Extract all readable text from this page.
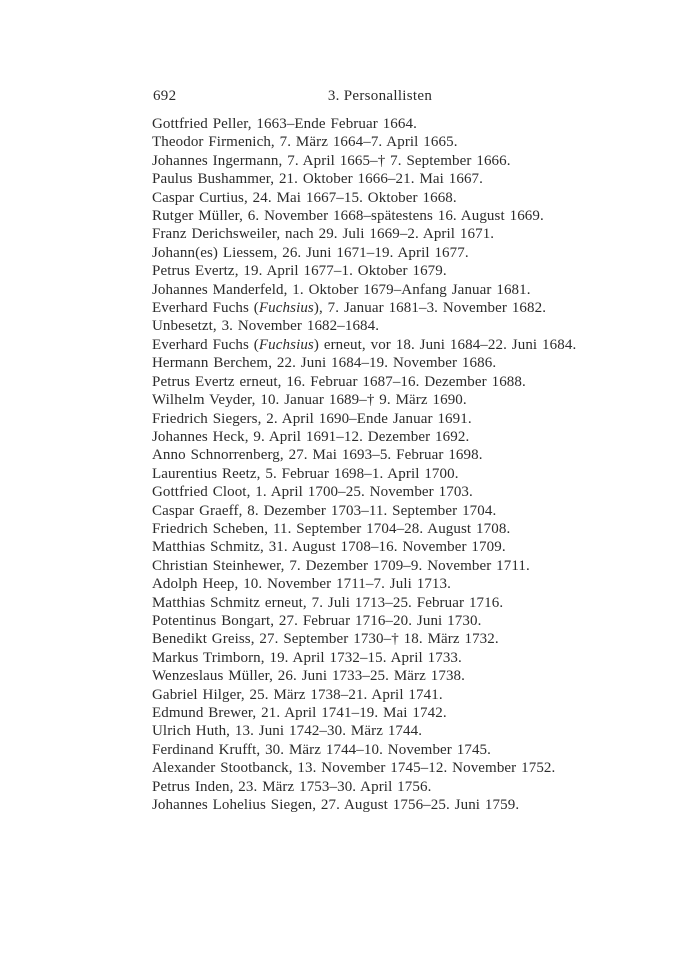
692	3. Personallisten
Gottfried Peller, 1663–Ende Februar 1664.
Theodor Firmenich, 7. März 1664–7. April 1665.
Johannes Ingermann, 7. April 1665–† 7. September 1666.
Paulus Bushammer, 21. Oktober 1666–21. Mai 1667.
Caspar Curtius, 24. Mai 1667–15. Oktober 1668.
Rutger Müller, 6. November 1668–spätestens 16. August 1669.
Franz Derichsweiler, nach 29. Juli 1669–2. April 1671.
Johann(es) Liessem, 26. Juni 1671–19. April 1677.
Petrus Evertz, 19. April 1677–1. Oktober 1679.
Johannes Manderfeld, 1. Oktober 1679–Anfang Januar 1681.
Everhard Fuchs (Fuchsius), 7. Januar 1681–3. November 1682.
Unbesetzt, 3. November 1682–1684.
Everhard Fuchs (Fuchsius) erneut, vor 18. Juni 1684–22. Juni 1684.
Hermann Berchem, 22. Juni 1684–19. November 1686.
Petrus Evertz erneut, 16. Februar 1687–16. Dezember 1688.
Wilhelm Veyder, 10. Januar 1689–† 9. März 1690.
Friedrich Siegers, 2. April 1690–Ende Januar 1691.
Johannes Heck, 9. April 1691–12. Dezember 1692.
Anno Schnorrenberg, 27. Mai 1693–5. Februar 1698.
Laurentius Reetz, 5. Februar 1698–1. April 1700.
Gottfried Cloot, 1. April 1700–25. November 1703.
Caspar Graeff, 8. Dezember 1703–11. September 1704.
Friedrich Scheben, 11. September 1704–28. August 1708.
Matthias Schmitz, 31. August 1708–16. November 1709.
Christian Steinhewer, 7. Dezember 1709–9. November 1711.
Adolph Heep, 10. November 1711–7. Juli 1713.
Matthias Schmitz erneut, 7. Juli 1713–25. Februar 1716.
Potentinus Bongart, 27. Februar 1716–20. Juni 1730.
Benedikt Greiss, 27. September 1730–† 18. März 1732.
Markus Trimborn, 19. April 1732–15. April 1733.
Wenzeslaus Müller, 26. Juni 1733–25. März 1738.
Gabriel Hilger, 25. März 1738–21. April 1741.
Edmund Brewer, 21. April 1741–19. Mai 1742.
Ulrich Huth, 13. Juni 1742–30. März 1744.
Ferdinand Krufft, 30. März 1744–10. November 1745.
Alexander Stootbanck, 13. November 1745–12. November 1752.
Petrus Inden, 23. März 1753–30. April 1756.
Johannes Lohelius Siegen, 27. August 1756–25. Juni 1759.
